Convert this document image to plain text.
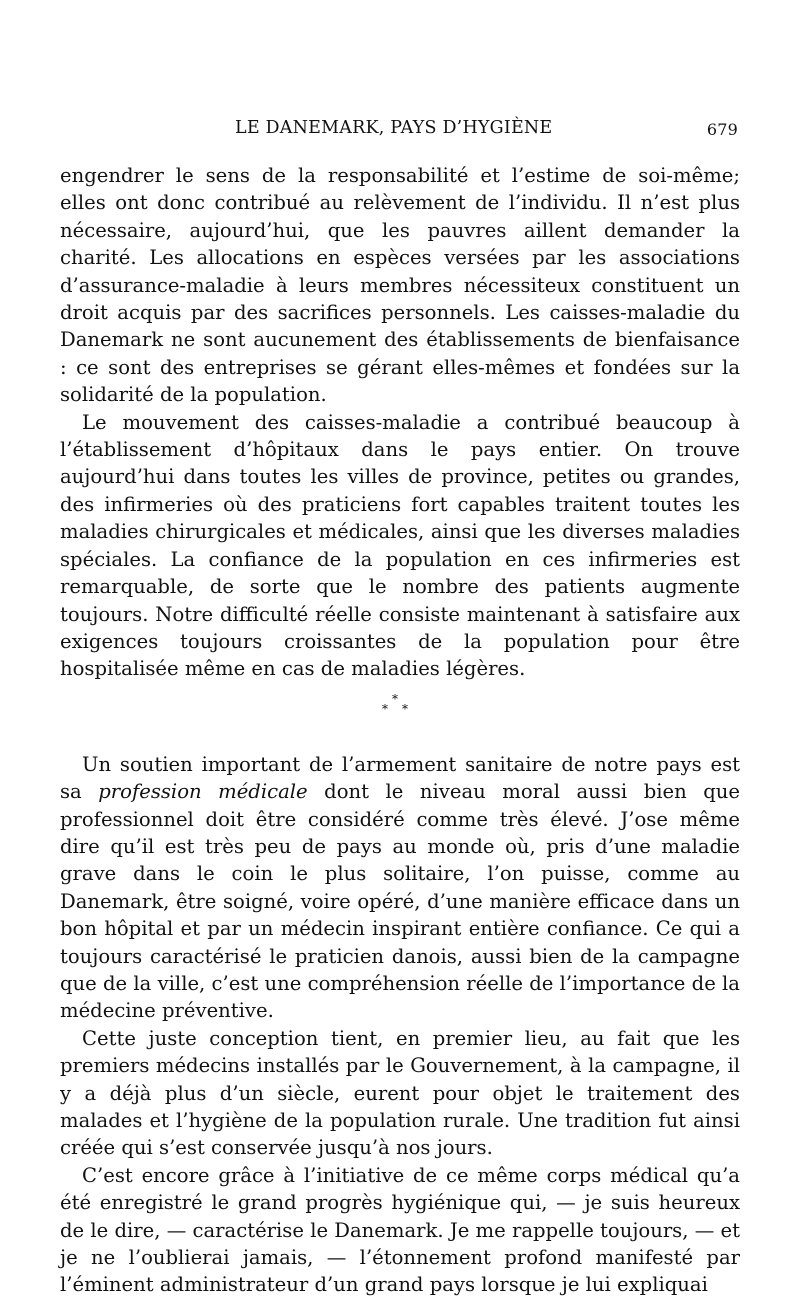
LE DANEMARK, PAYS D’HYGIÈNE	679

engendrer le sens de la responsabilité et l’estime de soi-même; elles ont donc contribué au relèvement de l’individu. Il n’est plus nécessaire, aujourd’hui, que les pauvres aillent demander la charité. Les allocations en espèces versées par les associations d’assurance-maladie à leurs membres nécessiteux constituent un droit acquis par des sacrifices personnels. Les caisses-maladie du Danemark ne sont aucunement des établissements de bienfaisance : ce sont des entreprises se gérant elles-mêmes et fondées sur la solidarité de la population.

Le mouvement des caisses-maladie a contribué beaucoup à l’établissement d’hôpitaux dans le pays entier. On trouve aujourd’hui dans toutes les villes de province, petites ou grandes, des infirmeries où des praticiens fort capables traitent toutes les maladies chirurgicales et médicales, ainsi que les diverses maladies spéciales. La confiance de la population en ces infirmeries est remarquable, de sorte que le nombre des patients augmente toujours. Notre difficulté réelle consiste maintenant à satisfaire aux exigences toujours croissantes de la population pour être hospitalisée même en cas de maladies légères.

*
* *

Un soutien important de l’armement sanitaire de notre pays est sa profession médicale dont le niveau moral aussi bien que professionnel doit être considéré comme très élevé. J’ose même dire qu’il est très peu de pays au monde où, pris d’une maladie grave dans le coin le plus solitaire, l’on puisse, comme au Danemark, être soigné, voire opéré, d’une manière efficace dans un bon hôpital et par un médecin inspirant entière confiance. Ce qui a toujours caractérisé le praticien danois, aussi bien de la campagne que de la ville, c’est une compréhension réelle de l’importance de la médecine préventive.

Cette juste conception tient, en premier lieu, au fait que les premiers médecins installés par le Gouvernement, à la campagne, il y a déjà plus d’un siècle, eurent pour objet le traitement des malades et l’hygiène de la population rurale. Une tradition fut ainsi créée qui s’est conservée jusqu’à nos jours.

C’est encore grâce à l’initiative de ce même corps médical qu’a été enregistré le grand progrès hygiénique qui, — je suis heureux de le dire, — caractérise le Danemark. Je me rappelle toujours, — et je ne l’oublierai jamais, — l’étonnement profond manifesté par l’éminent administrateur d’un grand pays lorsque je lui expliquai
